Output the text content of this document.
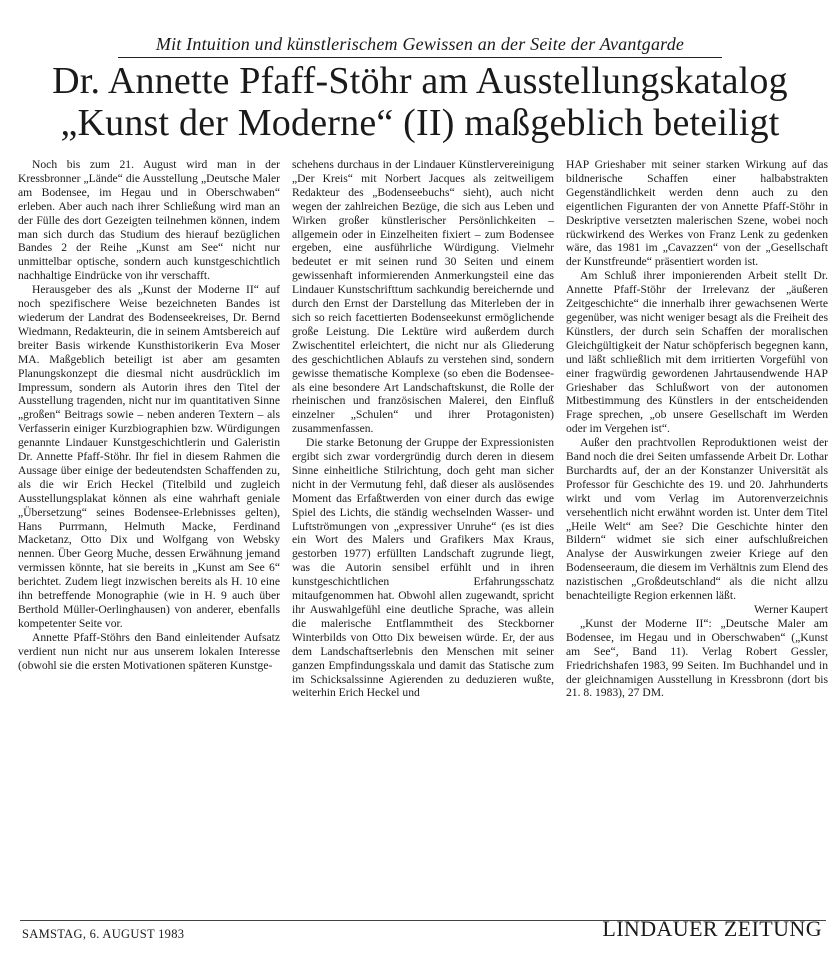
Mit Intuition und künstlerischem Gewissen an der Seite der Avantgarde
Dr. Annette Pfaff-Stöhr am Ausstellungskatalog
„Kunst der Moderne“ (II) maßgeblich beteiligt

Noch bis zum 21. August wird man in der Kressbronner „Lände“ die Ausstellung „Deutsche Maler am Bodensee, im Hegau und in Oberschwaben“ erleben. Aber auch nach ihrer Schließung wird man an der Fülle des dort Gezeigten teilnehmen können, indem man sich durch das Studium des hierauf bezüglichen Bandes 2 der Reihe „Kunst am See“ nicht nur unmittelbar optische, sondern auch kunstgeschichtlich nachhaltige Eindrücke von ihr verschafft.

Herausgeber des als „Kunst der Moderne II“ auf noch spezifischere Weise bezeichneten Bandes ist wiederum der Landrat des Bodenseekreises, Dr. Bernd Wiedmann, Redakteurin, die in seinem Amtsbereich auf breiter Basis wirkende Kunsthistorikerin Eva Moser MA. Maßgeblich beteiligt ist aber am gesamten Planungskonzept die diesmal nicht ausdrücklich im Impressum, sondern als Autorin ihres den Titel der Ausstellung tragenden, nicht nur im quantitativen Sinne „großen“ Beitrags sowie – neben anderen Textern – als Verfasserin einiger Kurzbiographien bzw. Würdigungen genannte Lindauer Kunstgeschichtlerin und Galeristin Dr. Annette Pfaff-Stöhr. Ihr fiel in diesem Rahmen die Aussage über einige der bedeutendsten Schaffenden zu, als die wir Erich Heckel (Titelbild und zugleich Ausstellungsplakat können als eine wahrhaft geniale „Übersetzung“ seines Bodensee-Erlebnisses gelten), Hans Purrmann, Helmuth Macke, Ferdinand Macketanz, Otto Dix und Wolfgang von Websky nennen. Über Georg Muche, dessen Erwähnung jemand vermissen könnte, hat sie bereits in „Kunst am See 6“ berichtet. Zudem liegt inzwischen bereits als H. 10 eine ihn betreffende Monographie (wie in H. 9 auch über Berthold Müller-Oerlinghausen) von anderer, ebenfalls kompetenter Seite vor.

Annette Pfaff-Stöhrs den Band einleitender Aufsatz verdient nun nicht nur aus unserem lokalen Interesse (obwohl sie die ersten Motivationen späteren Kunstge-

schehens durchaus in der Lindauer Künstlervereinigung „Der Kreis“ mit Norbert Jacques als zeitweiligem Redakteur des „Bodenseebuchs“ sieht), auch nicht wegen der zahlreichen Bezüge, die sich aus Leben und Wirken großer künstlerischer Persönlichkeiten – allgemein oder in Einzelheiten fixiert – zum Bodensee ergeben, eine ausführliche Würdigung. Vielmehr bedeutet er mit seinen rund 30 Seiten und einem gewissenhaft informierenden Anmerkungsteil eine das Lindauer Kunstschrifttum sachkundig bereichernde und durch den Ernst der Darstellung das Miterleben der in sich so reich facettierten Bodenseekunst ermöglichende große Leistung. Die Lektüre wird außerdem durch Zwischentitel erleichtert, die nicht nur als Gliederung des geschichtlichen Ablaufs zu verstehen sind, sondern gewisse thematische Komplexe (so eben die Bodensee- als eine besondere Art Landschaftskunst, die Rolle der rheinischen und französischen Malerei, den Einfluß einzelner „Schulen“ und ihrer Protagonisten) zusammenfassen.

Die starke Betonung der Gruppe der Expressionisten ergibt sich zwar vordergründig durch deren in diesem Sinne einheitliche Stilrichtung, doch geht man sicher nicht in der Vermutung fehl, daß dieser als auslösendes Moment das Erfaßtwerden von einer durch das ewige Spiel des Lichts, die ständig wechselnden Wasser- und Luftströmungen von „expressiver Unruhe“ (es ist dies ein Wort des Malers und Grafikers Max Kraus, gestorben 1977) erfüllten Landschaft zugrunde liegt, was die Autorin sensibel erfühlt und in ihren kunstgeschichtlichen Erfahrungsschatz mitaufgenommen hat. Obwohl allen zugewandt, spricht ihr Auswahlgefühl eine deutliche Sprache, was allein die malerische Entflammtheit des Steckborner Winterbilds von Otto Dix beweisen würde. Er, der aus dem Landschaftserlebnis den Menschen mit seiner ganzen Empfindungsskala und damit das Statische zum im Schicksalssinne Agierenden zu deduzieren wußte, weiterhin Erich Heckel und

HAP Grieshaber mit seiner starken Wirkung auf das bildnerische Schaffen einer halbabstrakten Gegenständlichkeit werden denn auch zu den eigentlichen Figuranten der von Annette Pfaff-Stöhr in Deskriptive versetzten malerischen Szene, wobei noch rückwirkend des Werkes von Franz Lenk zu gedenken wäre, das 1981 im „Cavazzen“ von der „Gesellschaft der Kunstfreunde“ präsentiert worden ist.

Am Schluß ihrer imponierenden Arbeit stellt Dr. Annette Pfaff-Stöhr der Irrelevanz der „äußeren Zeitgeschichte“ die innerhalb ihrer gewachsenen Werte gegenüber, was nicht weniger besagt als die Freiheit des Künstlers, der durch sein Schaffen der moralischen Gleichgültigkeit der Natur schöpferisch begegnen kann, und läßt schließlich mit dem irritierten Vorgefühl von einer fragwürdig gewordenen Jahrtausendwende HAP Grieshaber das Schlußwort von der autonomen Mitbestimmung des Künstlers in der entscheidenden Frage sprechen, „ob unsere Gesellschaft im Werden oder im Vergehen ist“.

Außer den prachtvollen Reproduktionen weist der Band noch die drei Seiten umfassende Arbeit Dr. Lothar Burchardts auf, der an der Konstanzer Universität als Professor für Geschichte des 19. und 20. Jahrhunderts wirkt und vom Verlag im Autorenverzeichnis versehentlich nicht erwähnt worden ist. Unter dem Titel „Heile Welt“ am See? Die Geschichte hinter den Bildern“ widmet sie sich einer aufschlußreichen Analyse der Auswirkungen zweier Kriege auf den Bodenseeraum, die diesem im Verhältnis zum Elend des nazistischen „Großdeutschland“ als die nicht allzu benachteiligte Region erkennen läßt.

Werner Kaupert

„Kunst der Moderne II“: „Deutsche Maler am Bodensee, im Hegau und in Oberschwaben“ („Kunst am See“, Band 11). Verlag Robert Gessler, Friedrichshafen 1983, 99 Seiten. Im Buchhandel und in der gleichnamigen Ausstellung in Kressbronn (dort bis 21. 8. 1983), 27 DM.

SAMSTAG, 6. AUGUST 1983	LINDAUER ZEITUNG
